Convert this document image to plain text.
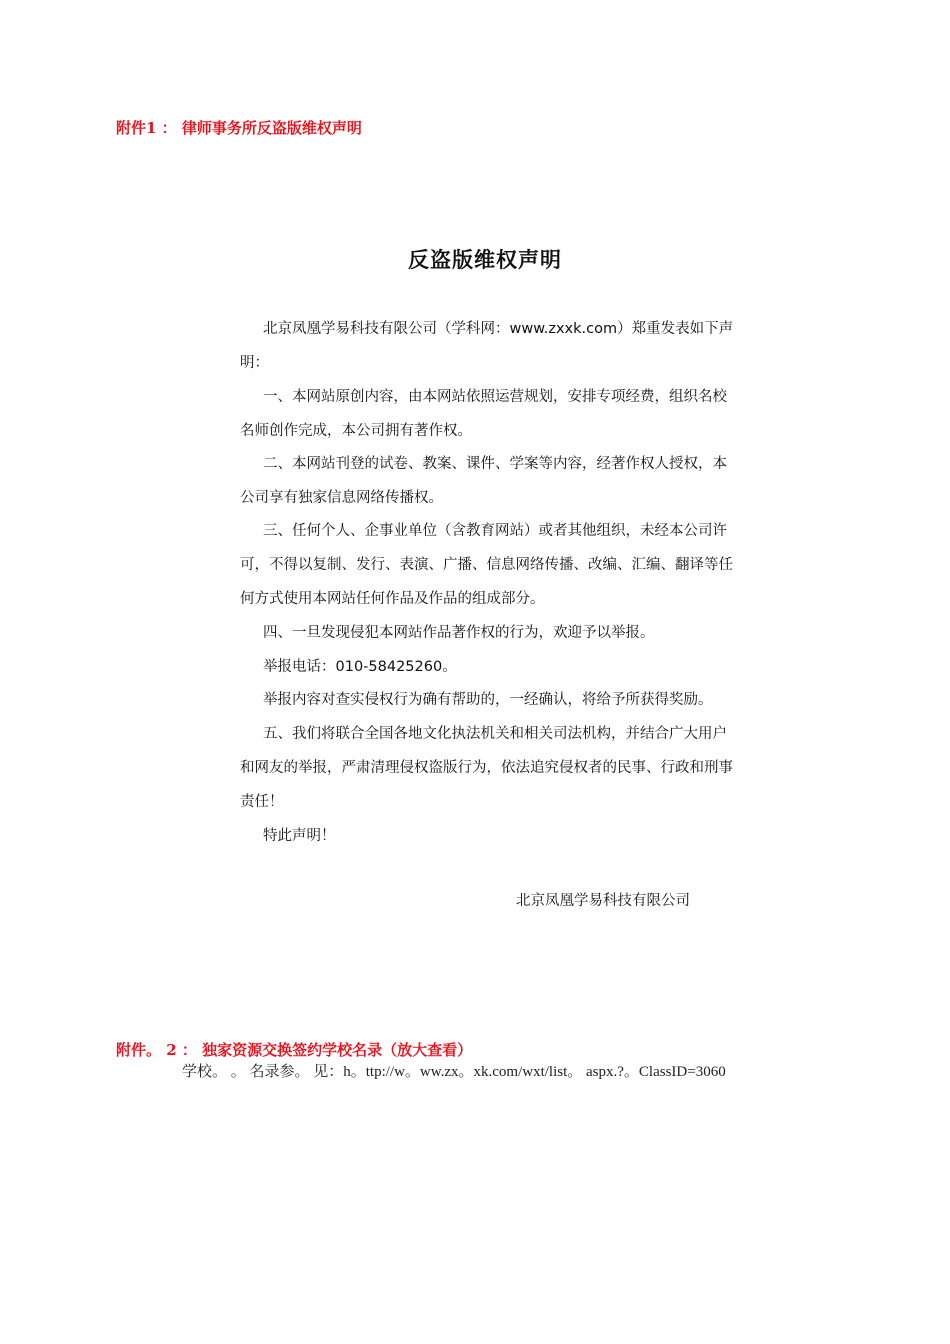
附件1 ： 律师事务所反盗版维权声明
反盗版维权声明

北京凤凰学易科技有限公司（学科网：www.zxxk.com）郑重发表如下声明：

一、本网站原创内容，由本网站依照运营规划，安排专项经费，组织名校名师创作完成，本公司拥有著作权。

二、本网站刊登的试卷、教案、课件、学案等内容，经著作权人授权，本公司享有独家信息网络传播权。

三、任何个人、企事业单位（含教育网站）或者其他组织，未经本公司许可，不得以复制、发行、表演、广播、信息网络传播、改编、汇编、翻译等任何方式使用本网站任何作品及作品的组成部分。

四、一旦发现侵犯本网站作品著作权的行为，欢迎予以举报。

举报电话：010-58425260。

举报内容对查实侵权行为确有帮助的，一经确认，将给予所获得奖励。

五、我们将联合全国各地文化执法机关和相关司法机构，并结合广大用户和网友的举报，严肃清理侵权盗版行为，依法追究侵权者的民事、行政和刑事责任！

特此声明！

北京凤凰学易科技有限公司
附件。 2 ： 独家资源交换签约学校名录（放大查看）
学校。 。 名录参。 见：h。ttp://w。ww.zx。xk.com/wxt/list。 aspx.?。ClassID=3060
